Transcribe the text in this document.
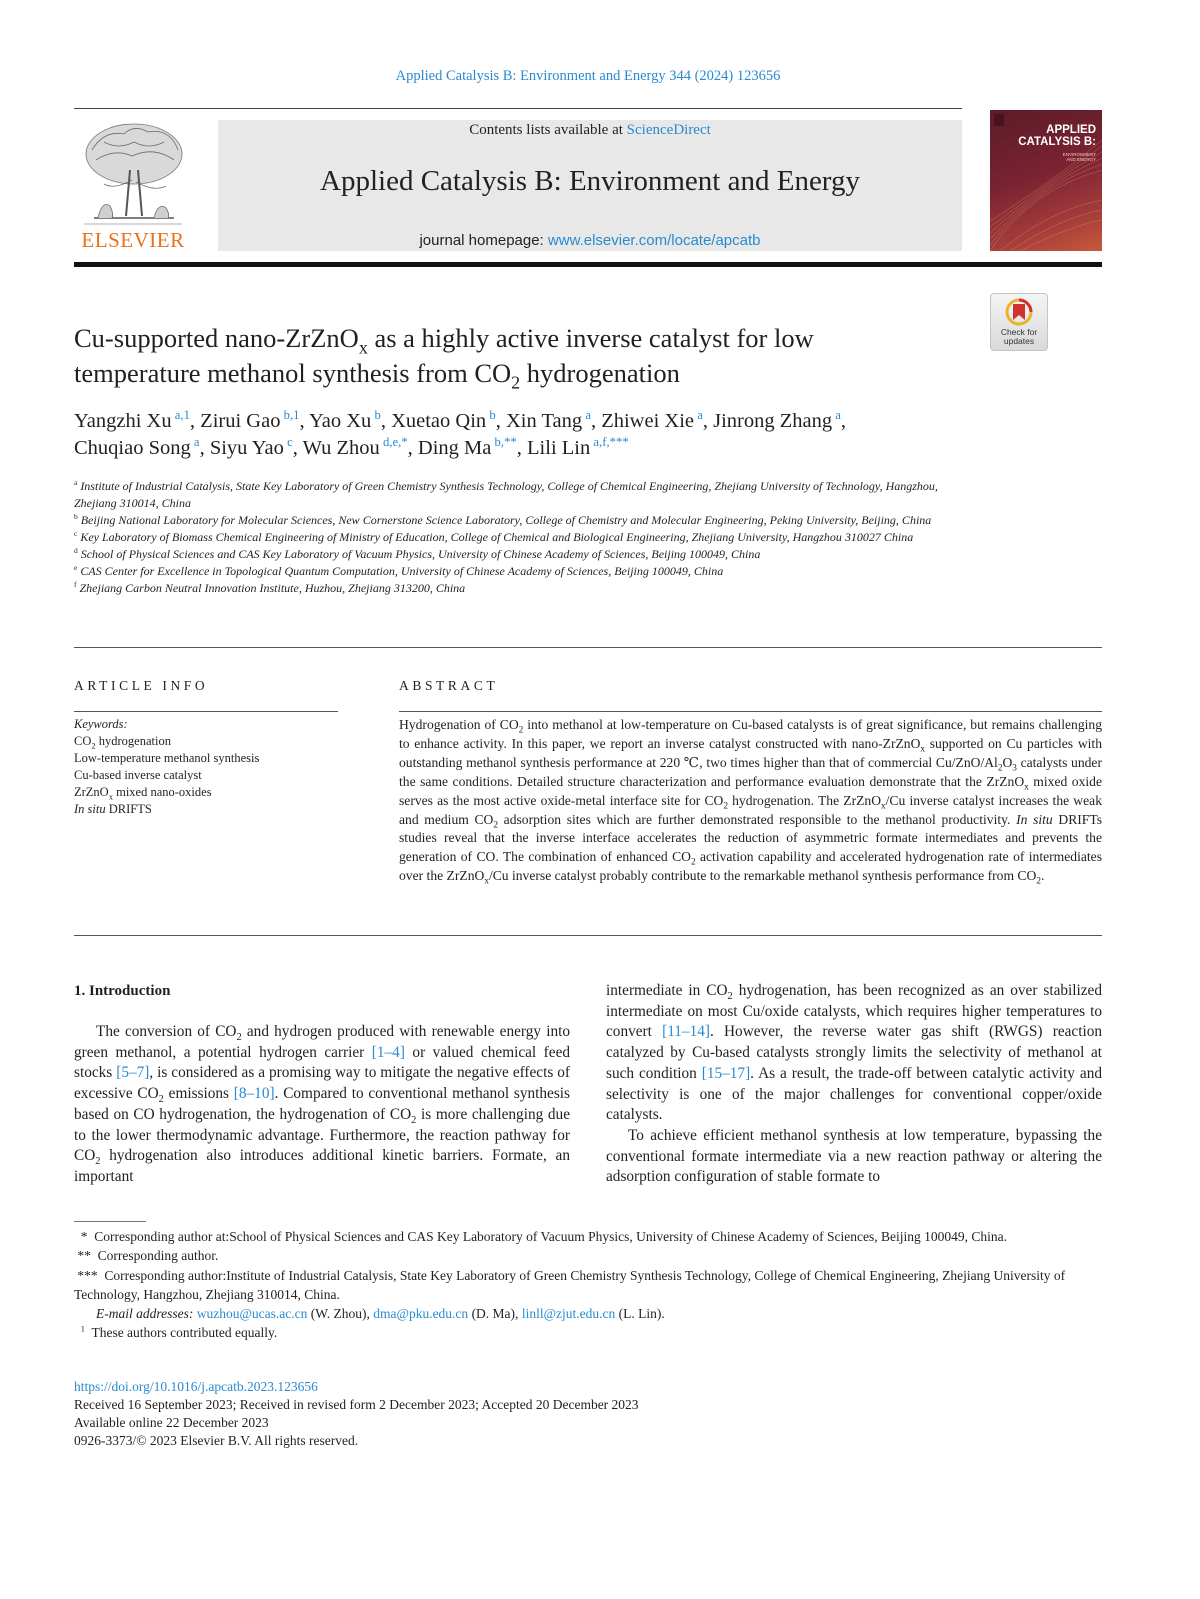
Applied Catalysis B: Environment and Energy 344 (2024) 123656
ELSEVIER
Contents lists available at ScienceDirect
Applied Catalysis B: Environment and Energy
journal homepage: www.elsevier.com/locate/apcatb
APPLIED
CATALYSIS B:
ENVIRONMENT
AND ENERGY
Check for
updates
Cu-supported nano-ZrZnO$_x$ as a highly active inverse catalyst for low
temperature methanol synthesis from $CO_2$ hydrogenation
Yangzhi Xu $^{a,1}$, Zirui Gao $^{b,1}$, Yao Xu $^b$, Xuetao Qin $^b$, Xin Tang $^a$, Zhiwei Xie $^a$, Jinrong Zhang $^a$,
Chuqiao Song $^a$, Siyu Yao $^c$, Wu Zhou $^{d,e,*}$, Ding Ma $^{b,**}$, Lili Lin $^{a,f,***}$
$^a$ Institute of Industrial Catalysis, State Key Laboratory of Green Chemistry Synthesis Technology, College of Chemical Engineering, Zhejiang University of Technology, Hangzhou, Zhejiang 310014, China
$^b$ Beijing National Laboratory for Molecular Sciences, New Cornerstone Science Laboratory, College of Chemistry and Molecular Engineering, Peking University, Beijing, China
$^c$ Key Laboratory of Biomass Chemical Engineering of Ministry of Education, College of Chemical and Biological Engineering, Zhejiang University, Hangzhou 310027 China
$^d$ School of Physical Sciences and CAS Key Laboratory of Vacuum Physics, University of Chinese Academy of Sciences, Beijing 100049, China
$^e$ CAS Center for Excellence in Topological Quantum Computation, University of Chinese Academy of Sciences, Beijing 100049, China
$^f$ Zhejiang Carbon Neutral Innovation Institute, Huzhou, Zhejiang 313200, China
ARTICLE INFO	ABSTRACT
Keywords:
$CO_2$ hydrogenation
Low-temperature methanol synthesis
Cu-based inverse catalyst
ZrZnO$_x$ mixed nano-oxides
In situ DRIFTS
Hydrogenation of $CO_2$ into methanol at low-temperature on Cu-based catalysts is of great significance, but remains challenging to enhance activity. In this paper, we report an inverse catalyst constructed with nano-ZrZnO$_x$ supported on Cu particles with outstanding methanol synthesis performance at 220 ℃, two times higher than that of commercial $Cu/ZnO/Al_2O_3$ catalysts under the same conditions. Detailed structure characterization and performance evaluation demonstrate that the ZrZnO$_x$ mixed oxide serves as the most active oxide-metal interface site for $CO_2$ hydrogenation. The ZrZnO$_x$/Cu inverse catalyst increases the weak and medium $CO_2$ adsorption sites which are further demonstrated responsible to the methanol productivity. In situ DRIFTs studies reveal that the inverse interface accelerates the reduction of asymmetric formate intermediates and prevents the generation of CO. The combination of enhanced $CO_2$ activation capability and accelerated hydrogenation rate of intermediates over the ZrZnO$_x$/Cu inverse catalyst probably contribute to the remarkable methanol synthesis performance from $CO_2$.
1. Introduction

The conversion of $CO_2$ and hydrogen produced with renewable energy into green methanol, a potential hydrogen carrier [1–4] or valued chemical feed stocks [5–7], is considered as a promising way to mitigate the negative effects of excessive $CO_2$ emissions [8–10]. Compared to conventional methanol synthesis based on CO hydrogenation, the hydrogenation of $CO_2$ is more challenging due to the lower thermodynamic advantage. Furthermore, the reaction pathway for $CO_2$ hydrogenation also introduces additional kinetic barriers. Formate, an important

intermediate in $CO_2$ hydrogenation, has been recognized as an over stabilized intermediate on most Cu/oxide catalysts, which requires higher temperatures to convert [11–14]. However, the reverse water gas shift (RWGS) reaction catalyzed by Cu-based catalysts strongly limits the selectivity of methanol at such condition [15–17]. As a result, the trade-off between catalytic activity and selectivity is one of the major challenges for conventional copper/oxide catalysts.

To achieve efficient methanol synthesis at low temperature, bypassing the conventional formate intermediate via a new reaction pathway or altering the adsorption configuration of stable formate to

*  Corresponding author at:School of Physical Sciences and CAS Key Laboratory of Vacuum Physics, University of Chinese Academy of Sciences, Beijing 100049, China.

**  Corresponding author.

***  Corresponding author:Institute of Industrial Catalysis, State Key Laboratory of Green Chemistry Synthesis Technology, College of Chemical Engineering, Zhejiang University of Technology, Hangzhou, Zhejiang 310014, China.

E-mail addresses: wuzhou@ucas.ac.cn (W. Zhou), dma@pku.edu.cn (D. Ma), linll@zjut.edu.cn (L. Lin).

$^1$ These authors contributed equally.

https://doi.org/10.1016/j.apcatb.2023.123656

Received 16 September 2023; Received in revised form 2 December 2023; Accepted 20 December 2023

Available online 22 December 2023

0926-3373/© 2023 Elsevier B.V. All rights reserved.
